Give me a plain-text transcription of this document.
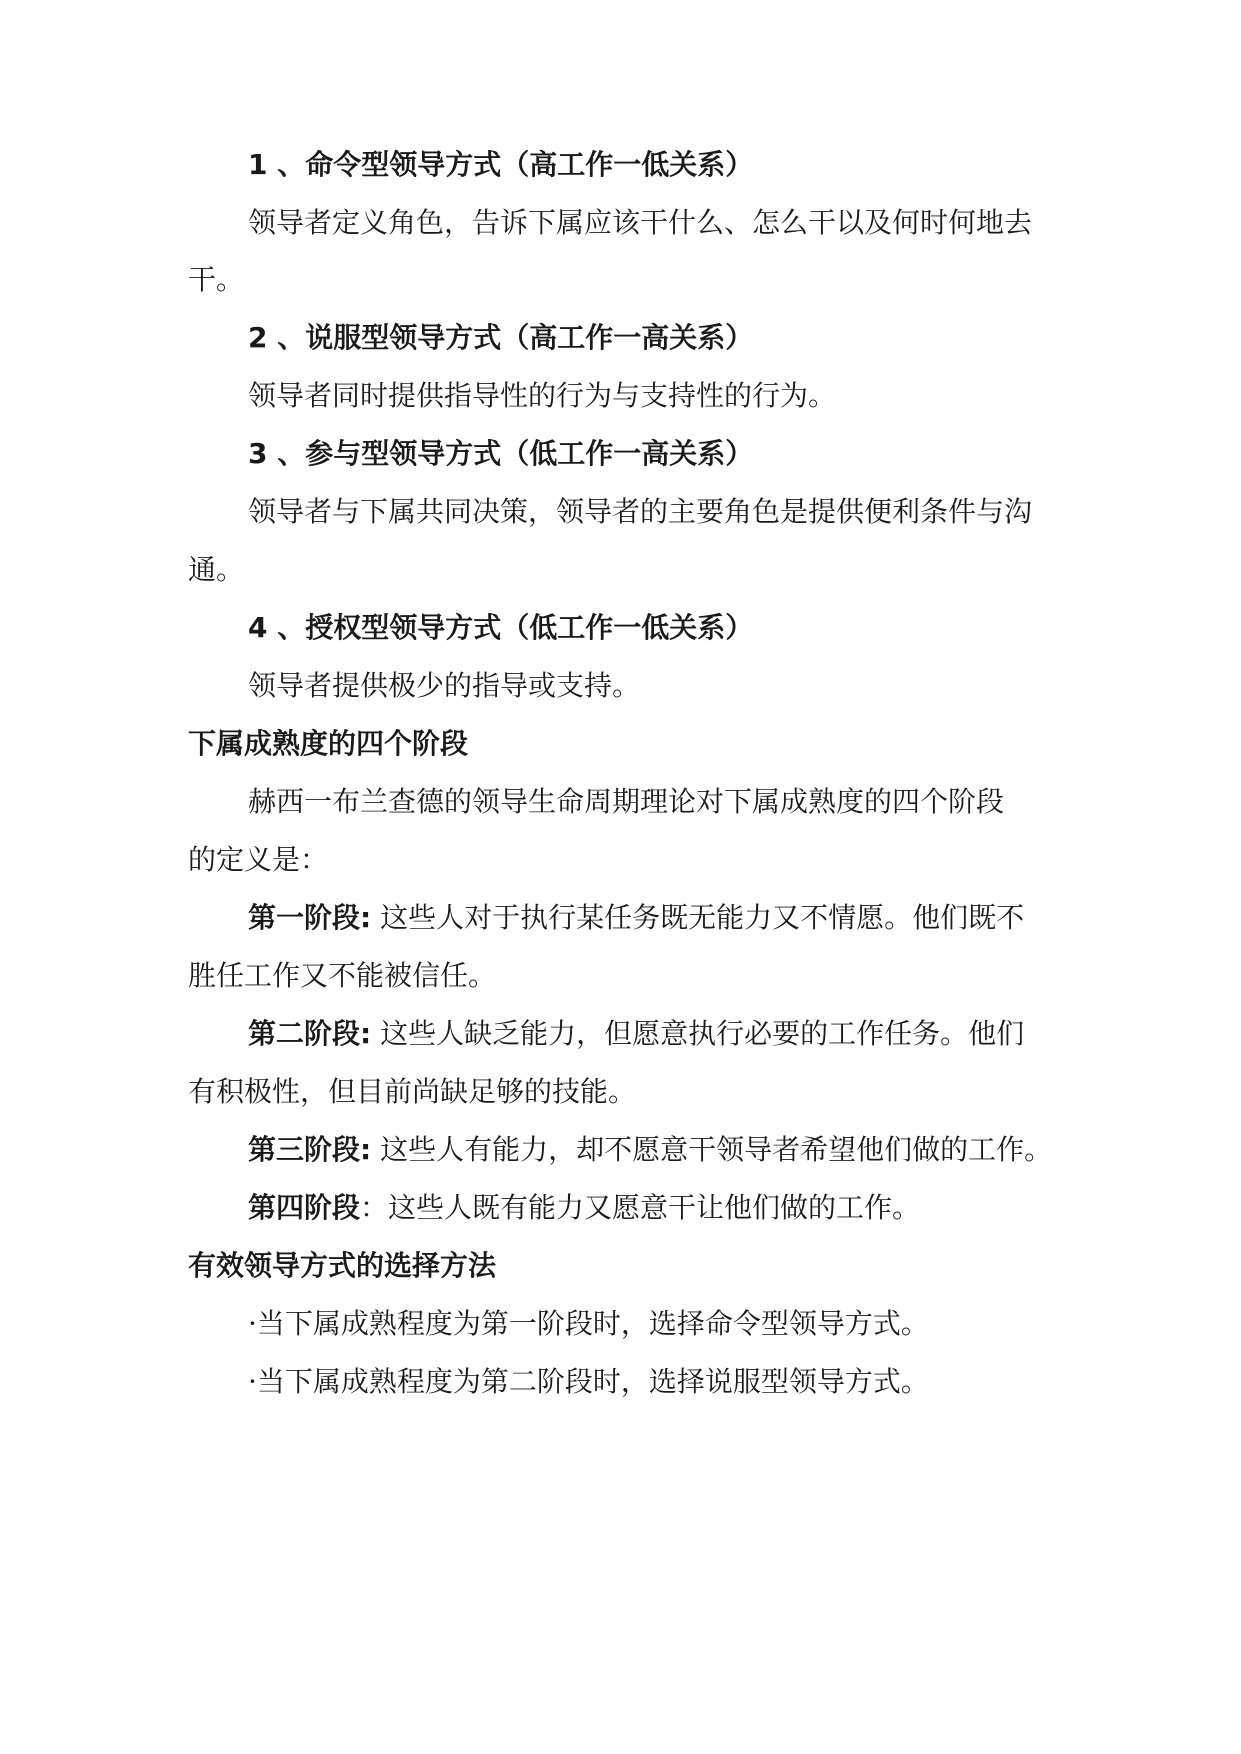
1 、命令型领导方式（高工作一低关系）
领导者定义角色，告诉下属应该干什么、怎么干以及何时何地去
干。
2 、说服型领导方式（高工作一高关系）
领导者同时提供指导性的行为与支持性的行为。
3 、参与型领导方式（低工作一高关系）
领导者与下属共同决策，领导者的主要角色是提供便利条件与沟
通。
4 、授权型领导方式（低工作一低关系）
领导者提供极少的指导或支持。
下属成熟度的四个阶段
赫西一布兰查德的领导生命周期理论对下属成熟度的四个阶段
的定义是：
第一阶段: 这些人对于执行某任务既无能力又不情愿。他们既不
胜任工作又不能被信任。
第二阶段: 这些人缺乏能力，但愿意执行必要的工作任务。他们
有积极性，但目前尚缺足够的技能。
第三阶段: 这些人有能力，却不愿意干领导者希望他们做的工作。
第四阶段：这些人既有能力又愿意干让他们做的工作。
有效领导方式的选择方法
·当下属成熟程度为第一阶段时，选择命令型领导方式。
·当下属成熟程度为第二阶段时，选择说服型领导方式。
